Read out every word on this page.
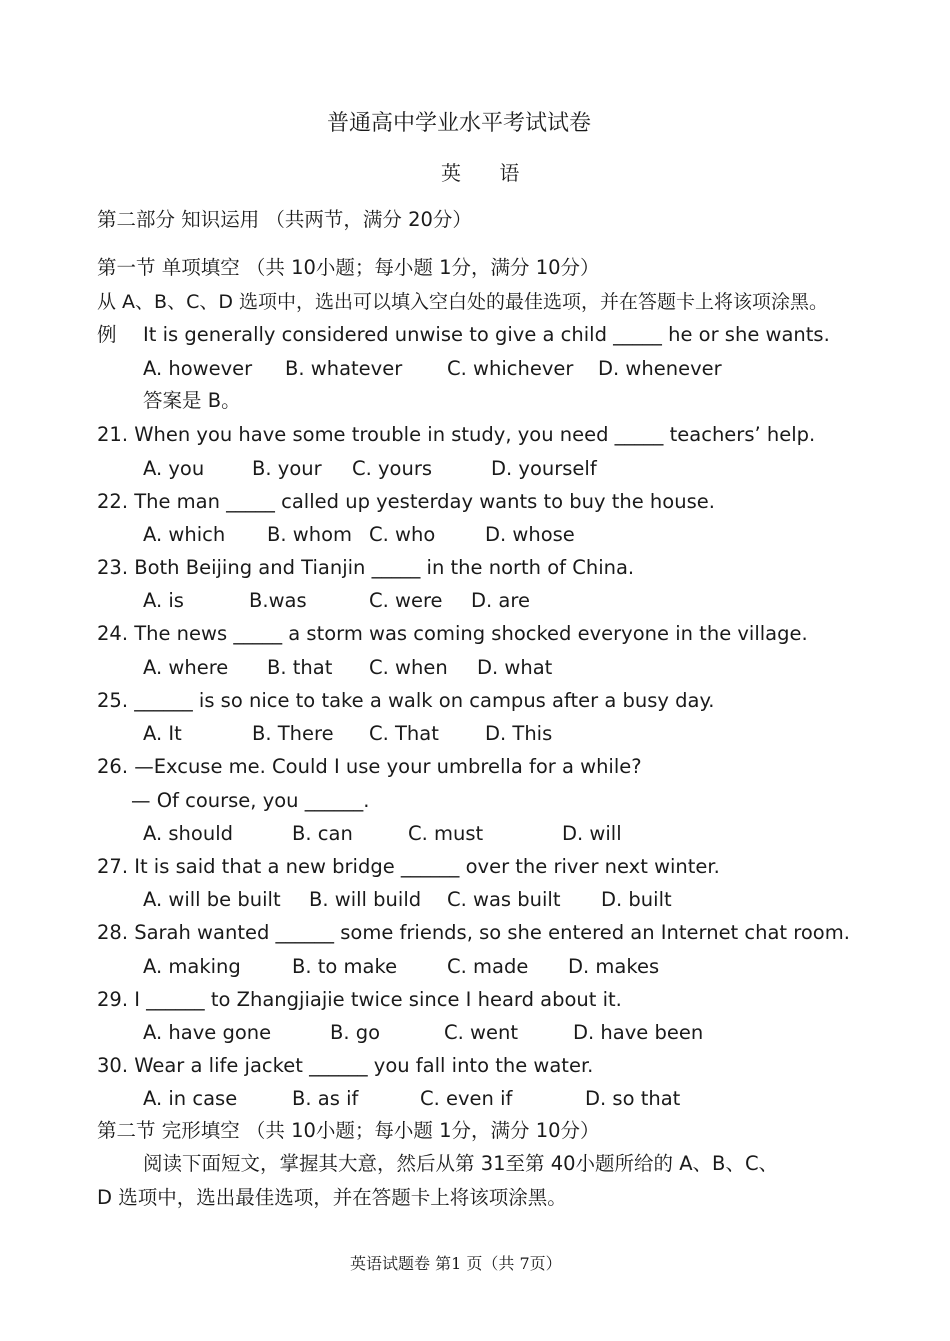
普通高中学业水平考试试卷
英 语
第二部分 知识运用 （共两节，满分 20分）
第一节 单项填空 （共 10小题；每小题 1分，满分 10分）
从 A、B、C、D 选项中，选出可以填入空白处的最佳选项，并在答题卡上将该项涂黑。
例 It is generally considered unwise to give a child _____ he or she wants.
A. however B. whatever C. whichever D. whenever
答案是 B。
21. When you have some trouble in study, you need _____ teachers’ help.
A. you B. your C. yours	D. yourself
22. The man _____ called up yesterday wants to buy the house.
A. which B. whom C. who	D. whose
23. Both Beijing and Tianjin _____ in the north of China.
A. is	B.was	C. were D. are
24. The news _____ a storm was coming shocked everyone in the village.
A. where B. that C. when D. what
25. ______ is so nice to take a walk on campus after a busy day.
A. It	B. There C. That D. This
26. —Excuse me. Could I use your umbrella for a while?
— Of course, you ______.
A. should	B. can	C. must	D. will
27. It is said that a new bridge ______ over the river next winter.
A. will be built B. will build C. was built D. built
28. Sarah wanted ______ some friends, so she entered an Internet chat room.
A. making	B. to make	C. made D. makes
29. I ______ to Zhangjiajie twice since I heard about it.
A. have gone	B. go	C. went	D. have been
30. Wear a life jacket ______ you fall into the water.
A. in case	B. as if	C. even if	D. so that
第二节 完形填空 （共 10小题；每小题 1分，满分 10分）
阅读下面短文，掌握其大意，然后从第 31至第 40小题所给的 A、B、C、
D 选项中，选出最佳选项，并在答题卡上将该项涂黑。
英语试题卷 第1 页（共 7页）
